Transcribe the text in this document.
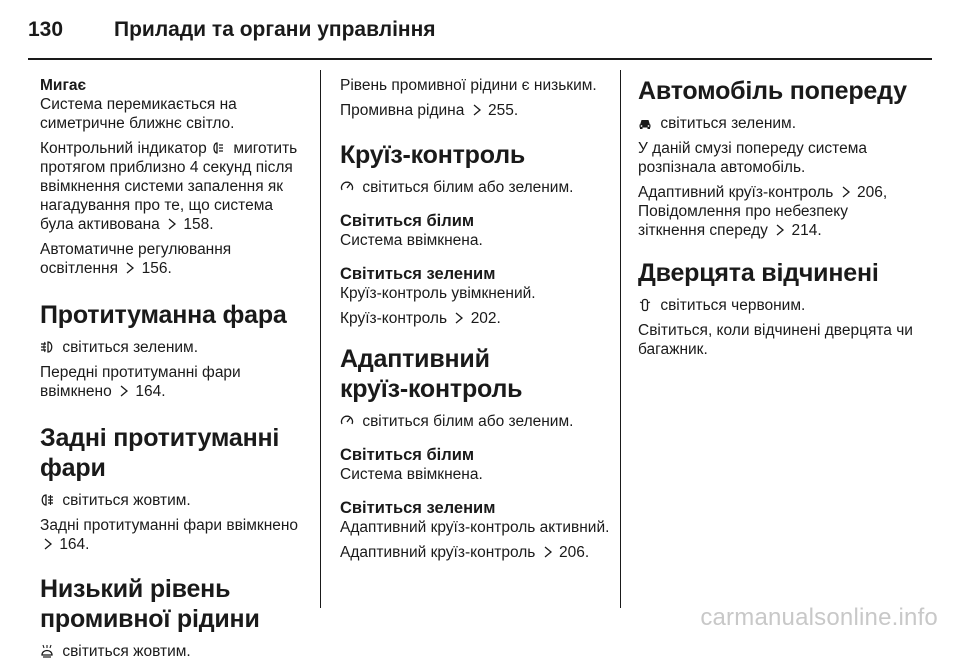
130	Прилади та органи управління

Мигає

Система перемикається на симетричне ближнє світло.

Контрольний індикатор миготить протягом приблизно 4 секунд після ввімкнення системи запалення як нагадування про те, що система була активована 158.

Автоматичне регулювання освітлення 156.

Протитуманна фара

світиться зеленим.

Передні протитуманні фари ввімкнено 164.

Задні протитуманні фари

світиться жовтим.

Задні протитуманні фари ввімкнено  164.

Низький рівень
промивної рідини

світиться жовтим.

Рівень промивної рідини є низьким.

Промивна рідина 255.

Круїз-контроль

світиться білим або зеленим.

Світиться білим

Система ввімкнена.

Світиться зеленим

Круїз-контроль увімкнений.

Круїз-контроль 202.

Адаптивний
круїз-контроль

світиться білим або зеленим.

Світиться білим

Система ввімкнена.

Світиться зеленим

Адаптивний круїз-контроль активний.

Адаптивний круїз-контроль 206.

Автомобіль попереду

світиться зеленим.

У даній смузі попереду система розпізнала автомобіль.

Адаптивний круїз-контроль 206, Повідомлення про небезпеку зіткнення спереду 214.

Дверцята відчинені

світиться червоним.

Світиться, коли відчинені дверцята чи багажник.

carmanualsonline.info
